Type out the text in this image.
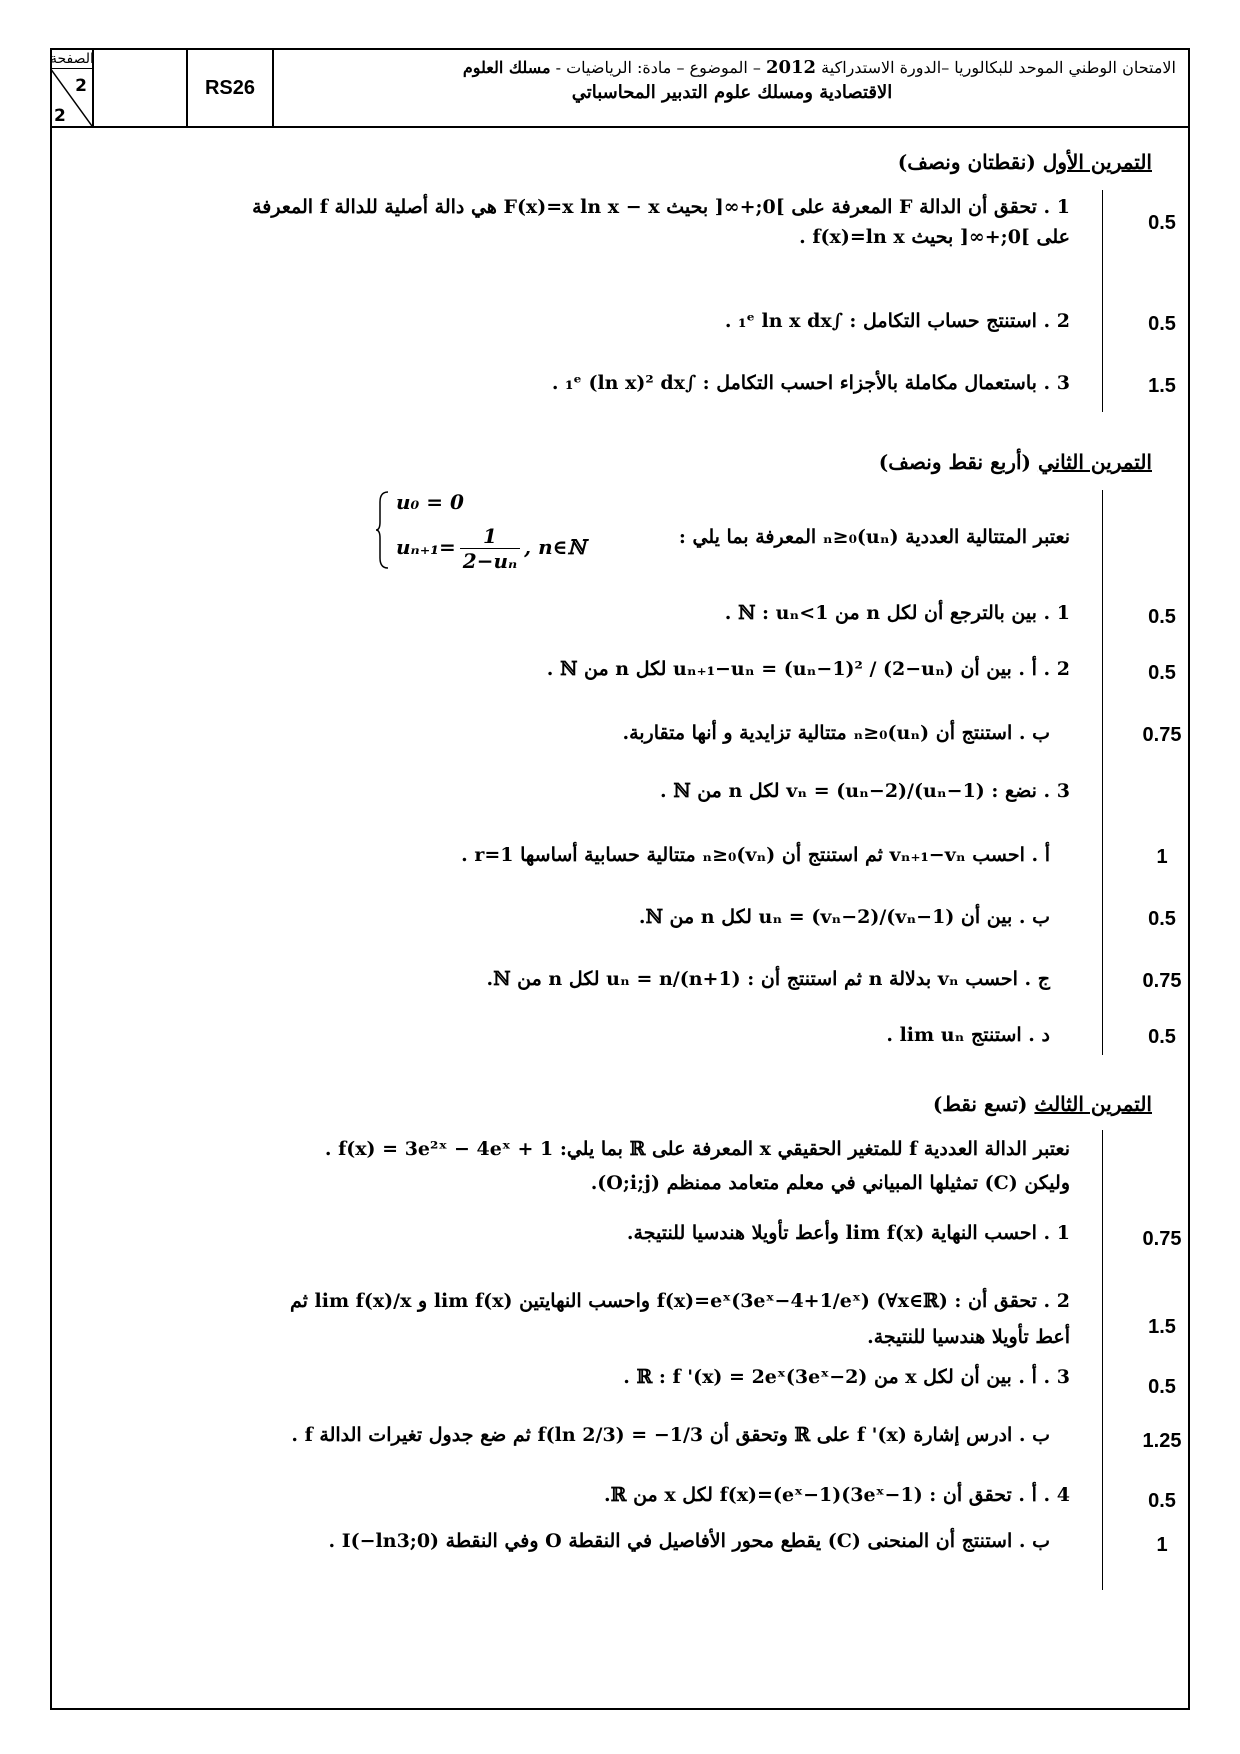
الصفحة
2
2
RS26
الامتحان الوطني الموحد للبكالوريا –الدورة الاستدراكية 2012 – الموضوع – مادة: الرياضيات - مسلك العلوم
الاقتصادية ومسلك علوم التدبير المحاسباتي
التمرين الأول (نقطتان ونصف)
1 . تحقق أن الدالة F المعرفة على ]0;+∞[ بحيث F(x)=x ln x − x هي دالة أصلية للدالة f المعرفة
على ]0;+∞[ بحيث f(x)=ln x .
0.5
2 . استنتج حساب التكامل : ∫₁ᵉ ln x dx .	0.5
3 . باستعمال مكاملة بالأجزاء احسب التكامل : ∫₁ᵉ (ln x)² dx .	1.5
التمرين الثاني (أربع نقط ونصف)
u₀ = 0
$u_{n+1}= \frac{1}{\text{2−uₙ}}$ , n∈ℕ	نعتبر المتتالية العددية (uₙ)ₙ≥₀ المعرفة بما يلي :
1 . بين بالترجع أن لكل n من ℕ : uₙ<1 .	0.5
2 . أ . بين أن uₙ₊₁−uₙ = (uₙ−1)² / (2−uₙ) لكل n من ℕ .	0.5
ب . استنتج أن (uₙ)ₙ≥₀ متتالية تزايدية و أنها متقاربة.	0.75
3 . نضع : vₙ = (uₙ−2)/(uₙ−1) لكل n من ℕ .
أ . احسب vₙ₊₁−vₙ ثم استنتج أن (vₙ)ₙ≥₀ متتالية حسابية أساسها r=1 .	1
ب . بين أن uₙ = (vₙ−2)/(vₙ−1) لكل n من ℕ.	0.5
ج . احسب vₙ بدلالة n ثم استنتج أن : uₙ = n/(n+1) لكل n من ℕ.	0.75
د . استنتج lim uₙ .	0.5
التمرين الثالث (تسع نقط)
نعتبر الدالة العددية f للمتغير الحقيقي x المعرفة على ℝ بما يلي: f(x) = 3e²ˣ − 4eˣ + 1 .
وليكن (C) تمثيلها المبياني في معلم متعامد ممنظم (O;i;j).
1 . احسب النهاية lim f(x) وأعط تأويلا هندسيا للنتيجة.	0.75
2 . تحقق أن : f(x)=eˣ(3eˣ−4+1/eˣ) (∀x∈ℝ) واحسب النهايتين lim f(x) و lim f(x)/x ثم
أعط تأويلا هندسيا للنتيجة.	1.5
3 . أ . بين أن لكل x من ℝ : f '(x) = 2eˣ(3eˣ−2) .	0.5
ب . ادرس إشارة f '(x) على ℝ وتحقق أن f(ln 2/3) = −1/3 ثم ضع جدول تغيرات الدالة f .	1.25
4 . أ . تحقق أن : (3eˣ−1)(eˣ−1)=f(x) لكل x من ℝ.	0.5
ب . استنتج أن المنحنى (C) يقطع محور الأفاصيل في النقطة O وفي النقطة I(−ln3;0) .	1
